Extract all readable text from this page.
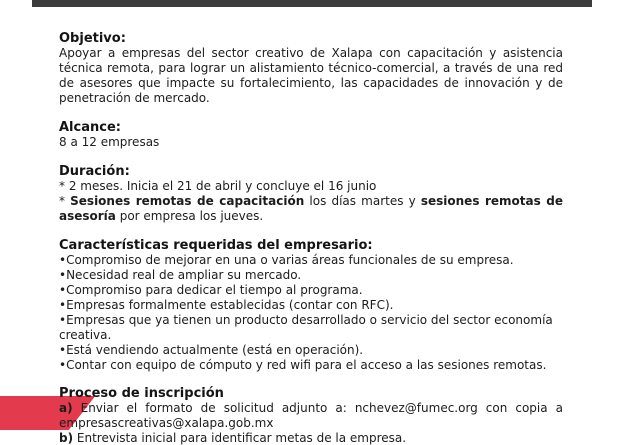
Objetivo:
Apoyar a empresas del sector creativo de Xalapa con capacitación y asistencia técnica remota, para lograr un alistamiento técnico-comercial, a través de una red de asesores que impacte su fortalecimiento, las capacidades de innovación y de penetración de mercado.
Alcance:
8 a 12 empresas
Duración:
* 2 meses. Inicia el 21 de abril y concluye el 16 junio
* Sesiones remotas de capacitación los días martes y sesiones remotas de asesoría por empresa los jueves.
Características requeridas del empresario:
•Compromiso de mejorar en una o varias áreas funcionales de su empresa.
•Necesidad real de ampliar su mercado.
•Compromiso para dedicar el tiempo al programa.
•Empresas formalmente establecidas (contar con RFC).
•Empresas que ya tienen un producto desarrollado o servicio del sector economía creativa.
•Está vendiendo actualmente (está en operación).
•Contar con equipo de cómputo y red wifi para el acceso a las sesiones remotas.
Proceso de inscripción
a) Enviar el formato de solicitud adjunto a: nchevez@fumec.org con copia a empresascreativas@xalapa.gob.mx
b) Entrevista inicial para identificar metas de la empresa.
